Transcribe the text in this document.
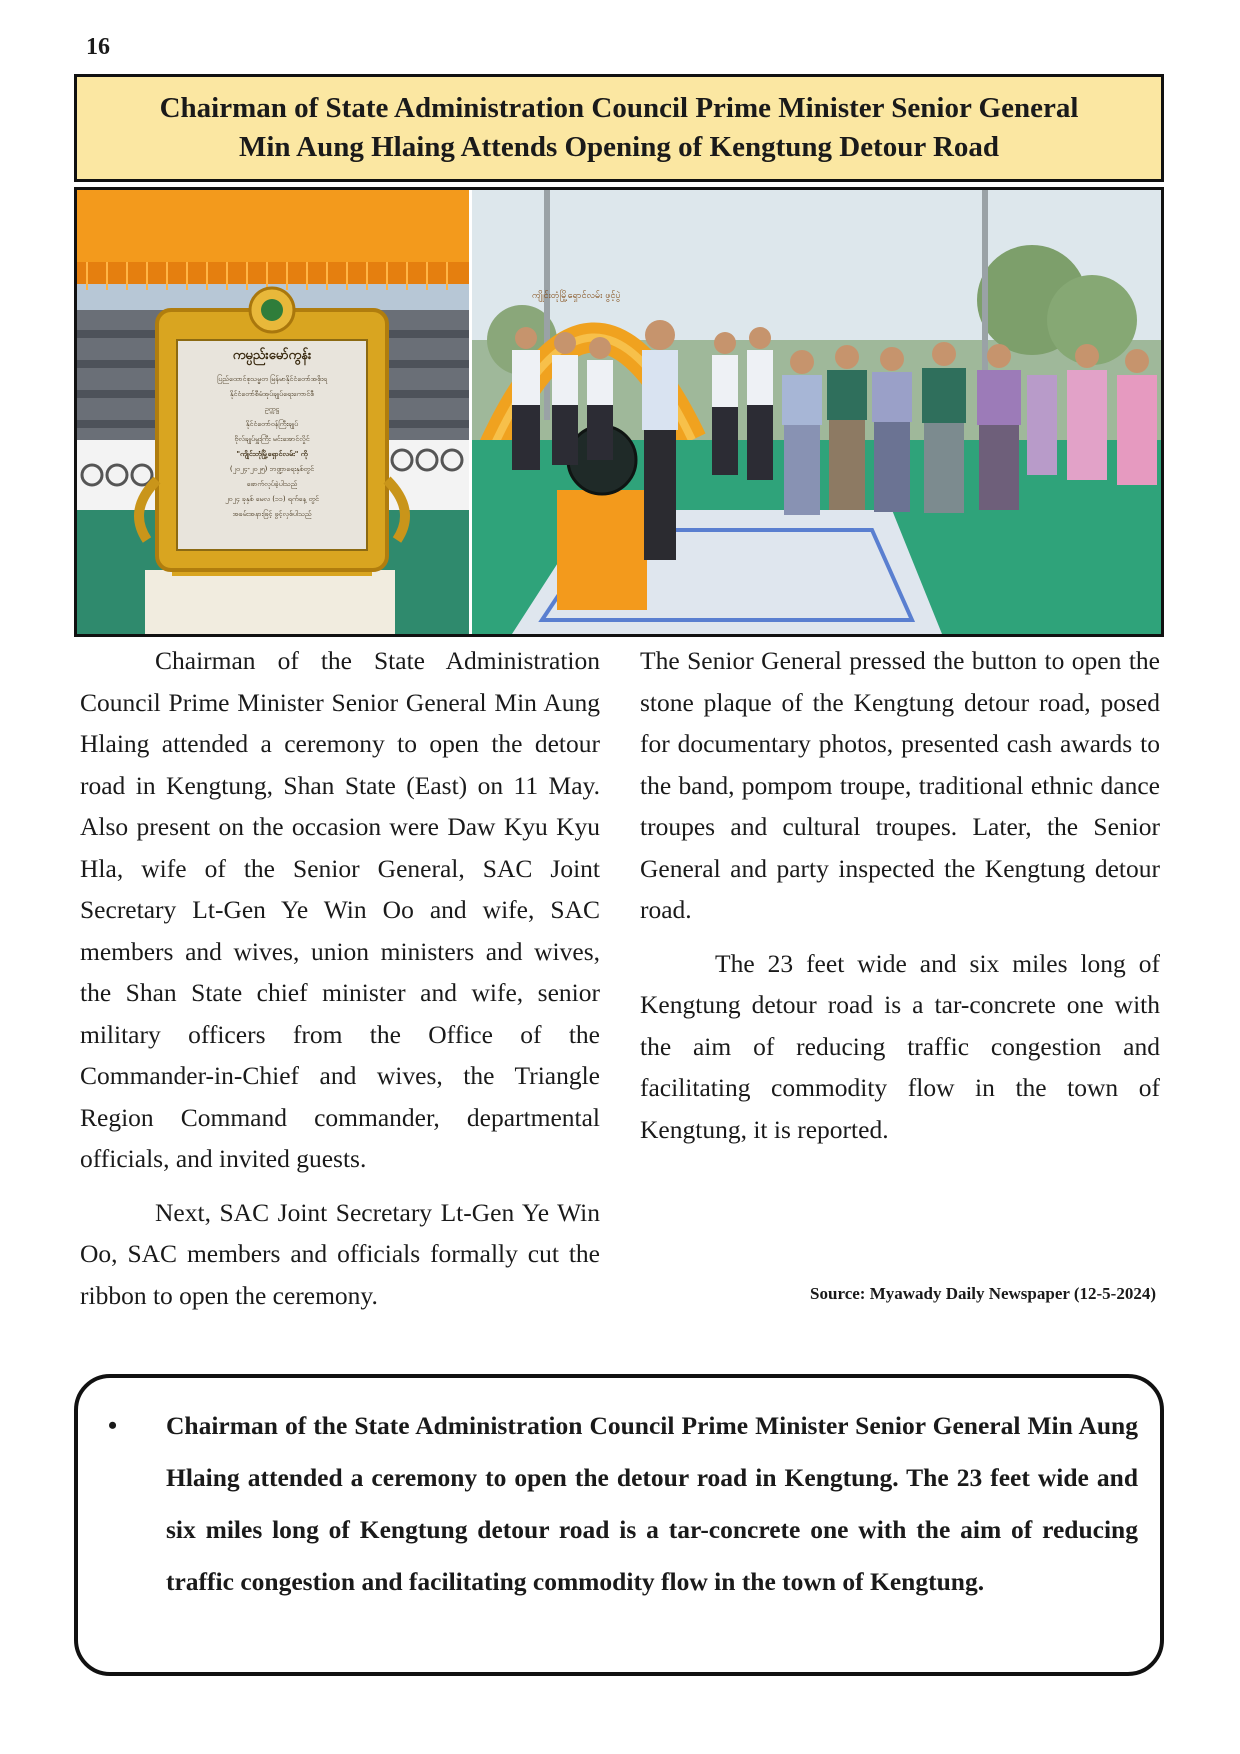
16
Chairman of State Administration Council Prime Minister Senior General
Min Aung Hlaing Attends Opening of Kengtung Detour Road
ကမ္ပည်းမော်ကွန်း
ပြည်ထောင်စုသမ္မတ မြန်မာနိုင်ငံတော်အစိုးရ
နိုင်ငံတော်စီမံအုပ်ချုပ်ရေးကောင်စီ
ဥက္ကဋ္ဌ
နိုင်ငံတော်ဝန်ကြီးချုပ်
ဗိုလ်ချုပ်မှူးကြီး မင်းအောင်လှိုင်
"ကျိုင်းတုံမြို့ရှောင်လမ်း" ကို
(၂၀၂၄-၂၀၂၅) ဘဏ္ဍာရေးနှစ်တွင်
ဖောက်လုပ်ခဲ့ပါသည်
၂၀၂၄ ခုနှစ် မေလ (၁၁) ရက်နေ့ တွင်
အခမ်းအနားဖြင့် ဖွင့်လှစ်ပါသည်
ကျိုင်းတုံမြို့ရှောင်လမ်း ဖွင့်ပွဲ

Chairman of the State Administration Council Prime Minister Senior General Min Aung Hlaing attended a ceremony to open the detour road in Kengtung, Shan State (East) on 11 May. Also present on the occasion were Daw Kyu Kyu Hla, wife of the Senior General, SAC Joint Secretary Lt-Gen Ye Win Oo and wife, SAC members and wives, union ministers and wives, the Shan State chief minister and wife, senior military officers from the Office of the Commander-in-Chief and wives, the Triangle Region Command commander, departmental officials, and invited guests.

Next, SAC Joint Secretary Lt-Gen Ye Win Oo, SAC members and officials formally cut the ribbon to open the ceremony.

The Senior General pressed the button to open the stone plaque of the Kengtung detour road, posed for documentary photos, presented cash awards to the band, pompom troupe, traditional ethnic dance troupes and cultural troupes. Later, the Senior General and party inspected the Kengtung detour road.

The 23 feet wide and six miles long of Kengtung detour road is a tar-concrete one with the aim of reducing traffic congestion and facilitating commodity flow in the town of Kengtung, it is reported.

Source: Myawady Daily Newspaper (12-5-2024)
• Chairman of the State Administration Council Prime Minister Senior General Min Aung Hlaing attended a ceremony to open the detour road in Kengtung. The 23 feet wide and six miles long of Kengtung detour road is a tar-concrete one with the aim of reducing traffic congestion and facilitating commodity flow in the town of Kengtung.
